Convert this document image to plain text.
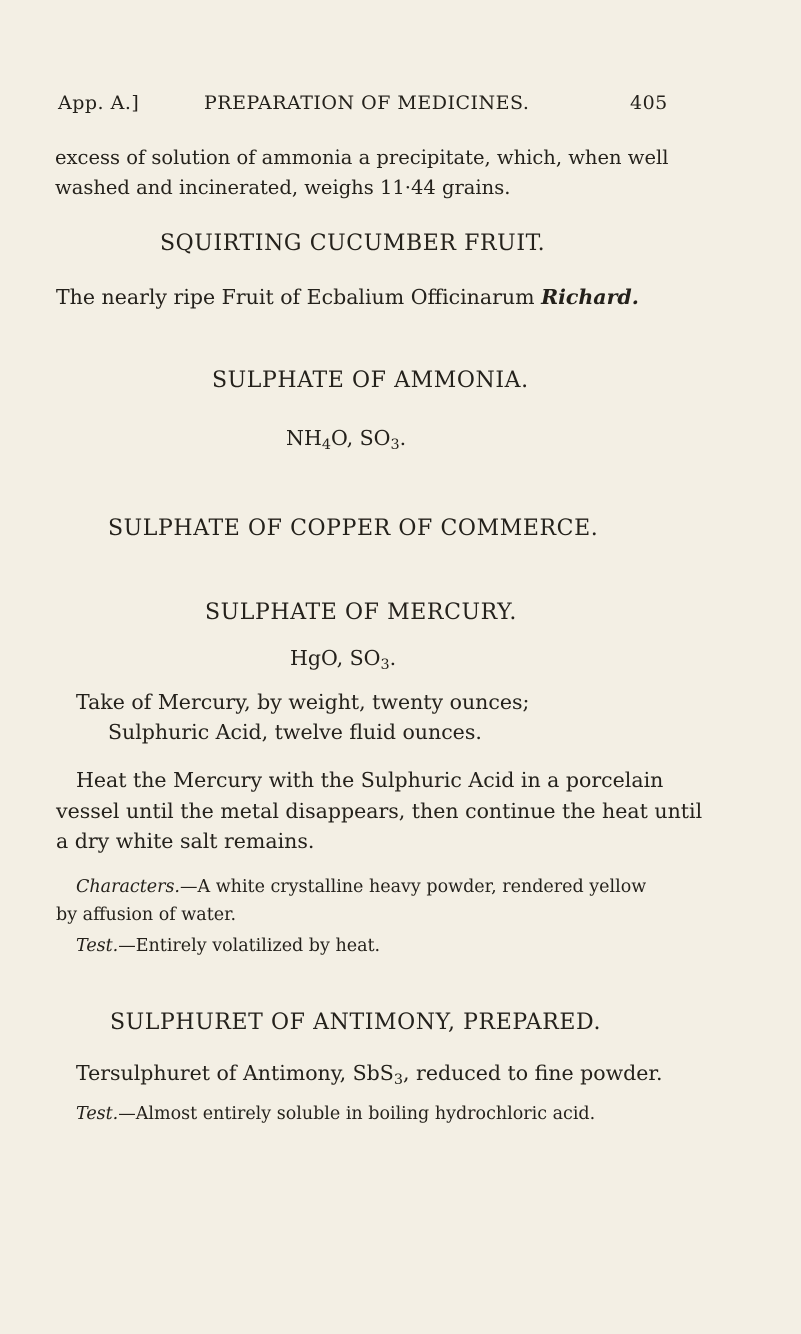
App. A.]	PREPARATION OF MEDICINES.	405
excess of solution of ammonia a precipitate, which, when well
washed and incinerated, weighs 11·44 grains.
SQUIRTING CUCUMBER FRUIT.
The nearly ripe Fruit of Ecbalium Officinarum Richard.
SULPHATE OF AMMONIA.
$NH_4O$, $SO_3$.
SULPHATE OF COPPER OF COMMERCE.
SULPHATE OF MERCURY.
HgO, $SO_3$.
Take of Mercury, by weight, twenty ounces;
Sulphuric Acid, twelve fluid ounces.
Heat the Mercury with the Sulphuric Acid in a porcelain
vessel until the metal disappears, then continue the heat until
a dry white salt remains.
Characters.—A white crystalline heavy powder, rendered yellow
by affusion of water.
Test.—Entirely volatilized by heat.
SULPHURET OF ANTIMONY, PREPARED.
Tersulphuret of Antimony, SbS$_3$, reduced to fine powder.
Test.—Almost entirely soluble in boiling hydrochloric acid.
